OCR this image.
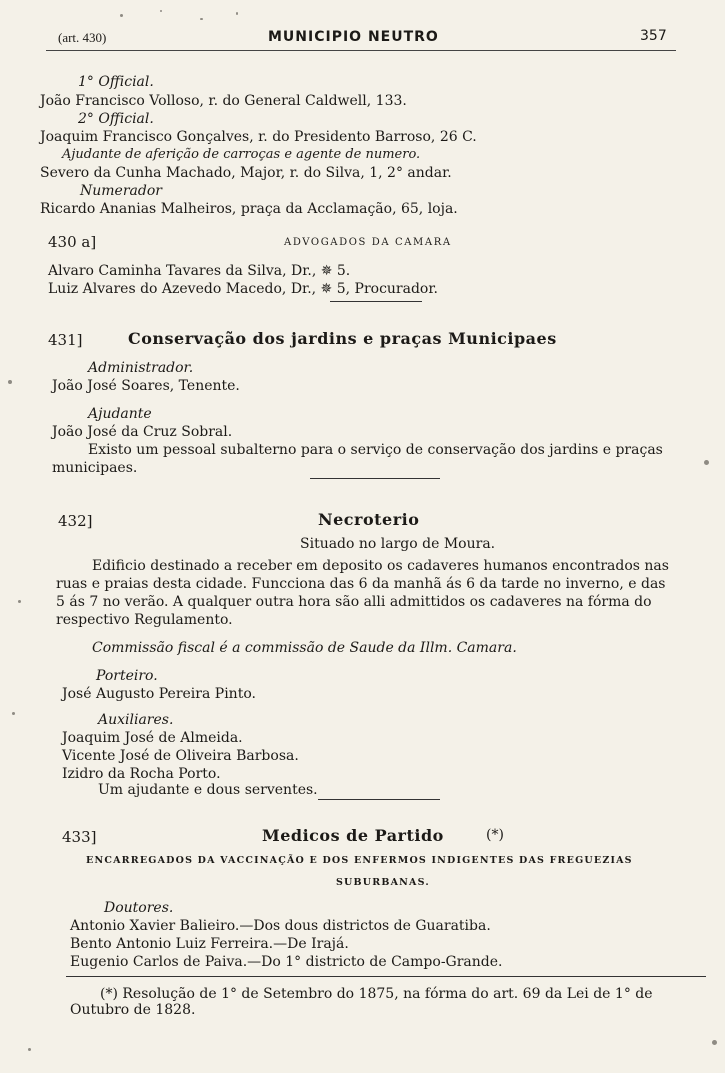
(art. 430)	MUNICIPIO NEUTRO	357
1° Official.
João Francisco Volloso, r. do General Caldwell, 133.
2° Official.
Joaquim Francisco Gonçalves, r. do Presidento Barroso, 26 C.
Ajudante de aferição de carroças e agente de numero.
Severo da Cunha Machado, Major, r. do Silva, 1, 2° andar.
Numerador
Ricardo Ananias Malheiros, praça da Acclamação, 65, loja.
430 a]	ADVOGADOS DA CAMARA
Alvaro Caminha Tavares da Silva, Dr., ✵ 5.
Luiz Alvares do Azevedo Macedo, Dr., ✵ 5, Procurador.
431]	Conservação dos jardins e praças Municipaes
Administrador.
João José Soares, Tenente.
Ajudante
João José da Cruz Sobral.
Existo um pessoal subalterno para o serviço de conservação dos jardins e praças
municipaes.
432]	Necroterio
Situado no largo de Moura.
Edificio destinado a receber em deposito os cadaveres humanos encontrados nas
ruas e praias desta cidade. Funcciona das 6 da manhã ás 6 da tarde no inverno, e das
5 ás 7 no verão. A qualquer outra hora são alli admittidos os cadaveres na fórma do
respectivo Regulamento.
Commissão fiscal é a commissão de Saude da Illm. Camara.
Porteiro.
José Augusto Pereira Pinto.
Auxiliares.
Joaquim José de Almeida.
Vicente José de Oliveira Barbosa.
Izidro da Rocha Porto.
Um ajudante e dous serventes.
433]	Medicos de Partido	(*)
ENCARREGADOS DA VACCINAÇÃO E DOS ENFERMOS INDIGENTES DAS FREGUEZIAS
SUBURBANAS.
Doutores.
Antonio Xavier Balieiro.—Dos dous districtos de Guaratiba.
Bento Antonio Luiz Ferreira.—De Irajá.
Eugenio Carlos de Paiva.—Do 1° districto de Campo-Grande.
(*) Resolução de 1° de Setembro do 1875, na fórma do art. 69 da Lei de 1° de
Outubro de 1828.
